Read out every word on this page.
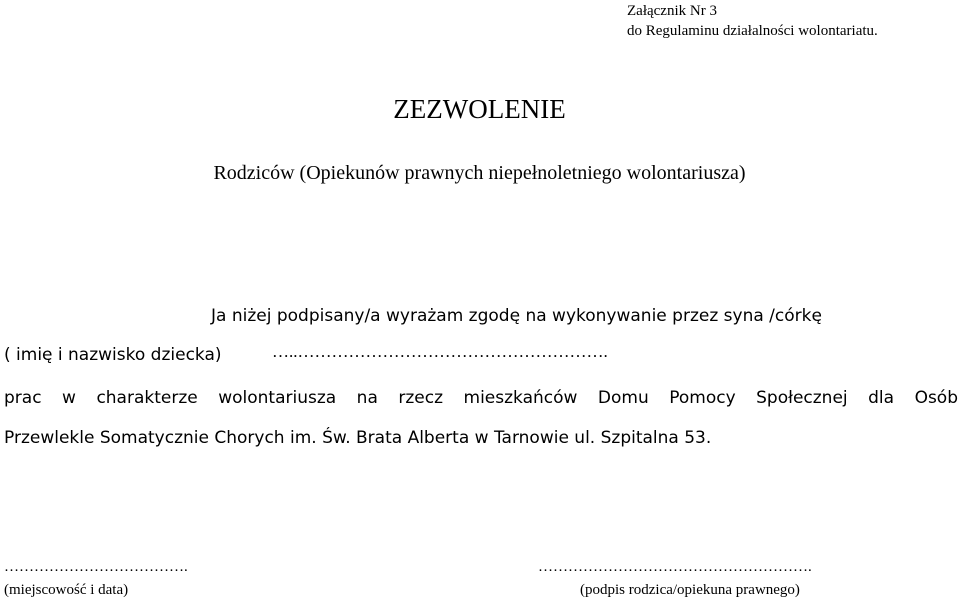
Załącznik Nr 3
do Regulaminu działalności wolontariatu.
ZEZWOLENIE
Rodziców (Opiekunów prawnych niepełnoletniego wolontariusza)
Ja niżej podpisany/a wyrażam zgodę na wykonywanie przez syna /córkę
( imię i nazwisko dziecka)	…..……………………………………………….
prac w charakterze wolontariusza na rzecz mieszkańców Domu Pomocy Społecznej dla Osób
Przewlekle Somatycznie Chorych im. Św. Brata Alberta w Tarnowie ul. Szpitalna 53.
……………………………….
(miejscowość i data)
……………………………………………….
(podpis rodzica/opiekuna prawnego)
